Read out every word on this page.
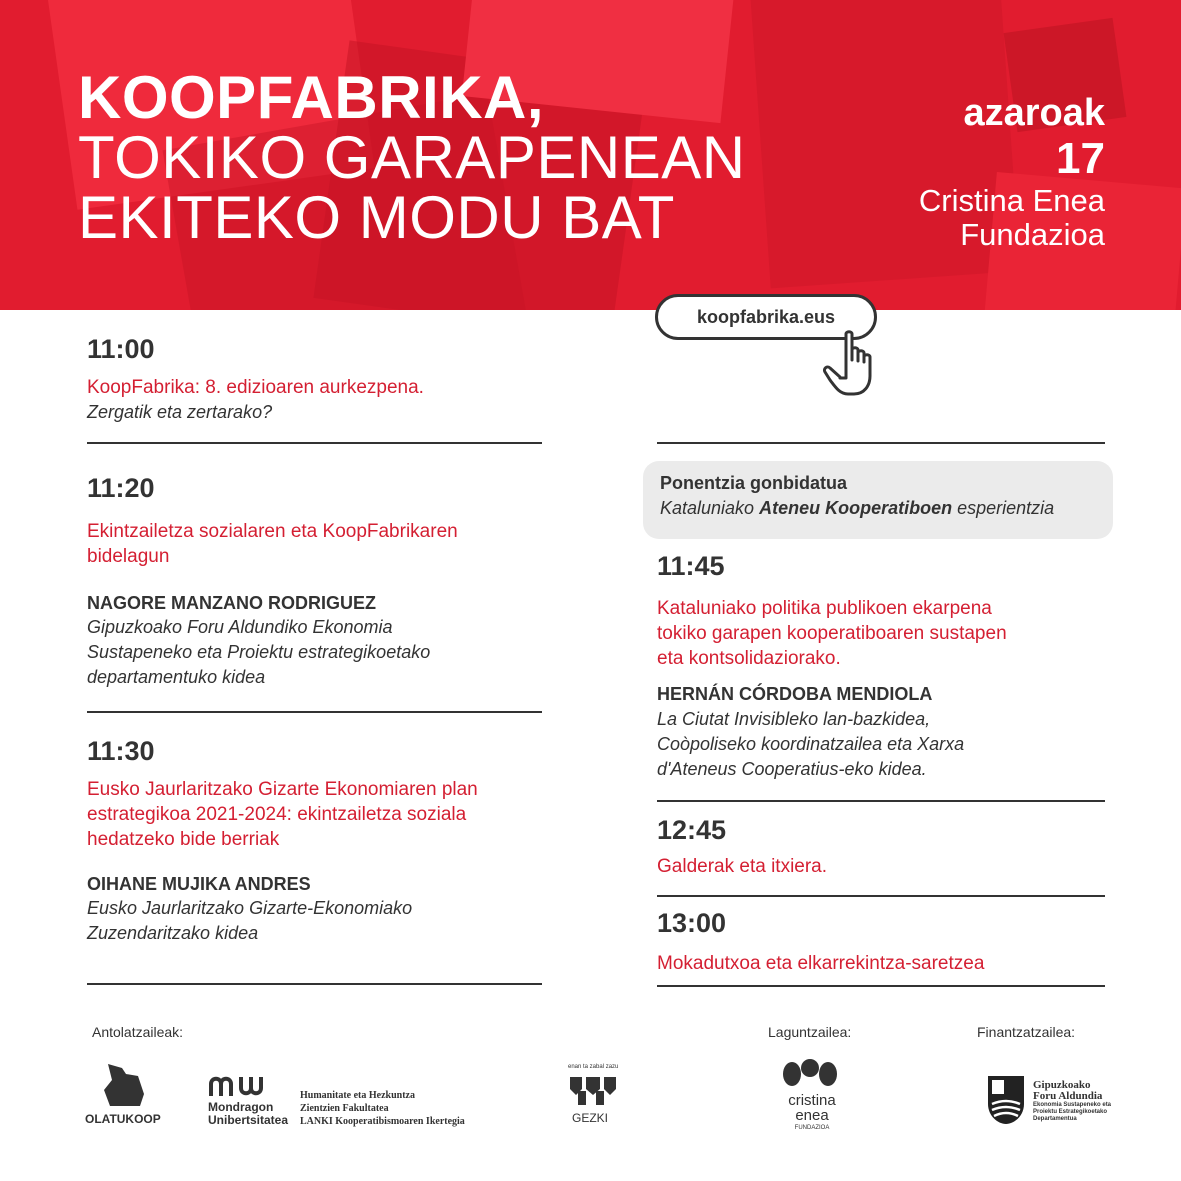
KOOPFABRIKA,
TOKIKO GARAPENEAN
EKITEKO MODU BAT
azaroak
17
Cristina Enea
Fundazioa
koopfabrika.eus
11:00
KoopFabrika: 8. edizioaren aurkezpena.
Zergatik eta zertarako?
11:20
Ekintzailetza sozialaren eta KoopFabrikaren
bidelagun
NAGORE MANZANO RODRIGUEZ
Gipuzkoako Foru Aldundiko Ekonomia
Sustapeneko eta Proiektu estrategikoetako
departamentuko kidea
11:30
Eusko Jaurlaritzako Gizarte Ekonomiaren plan
estrategikoa 2021-2024: ekintzailetza soziala
hedatzeko bide berriak
OIHANE MUJIKA ANDRES
Eusko Jaurlaritzako Gizarte-Ekonomiako
Zuzendaritzako kidea
Ponentzia gonbidatua
Kataluniako Ateneu Kooperatiboen esperientzia
11:45
Kataluniako politika publikoen ekarpena
tokiko garapen kooperatiboaren sustapen
eta kontsolidaziorako.
HERNÁN CÓRDOBA MENDIOLA
La Ciutat Invisibleko lan-bazkidea,
Coòpoliseko koordinatzailea eta Xarxa
d'Ateneus Cooperatius-eko kidea.
12:45
Galderak eta itxiera.
13:00
Mokadutxoa eta elkarrekintza-saretzea
Antolatzaileak:	Laguntzailea:	Finantzatzailea:
OLATUKOOP
Mondragon
Unibertsitatea
Humanitate eta Hezkuntza
Zientzien Fakultatea
LANKI Kooperatibismoaren Ikertegia
enan ta zabal zazu
GEZKI
cristina
enea
FUNDAZIOA
Gipuzkoako
Foru Aldundia
Ekonomia Sustapeneko eta
Proiektu Estrategikoetako
Departamentua
